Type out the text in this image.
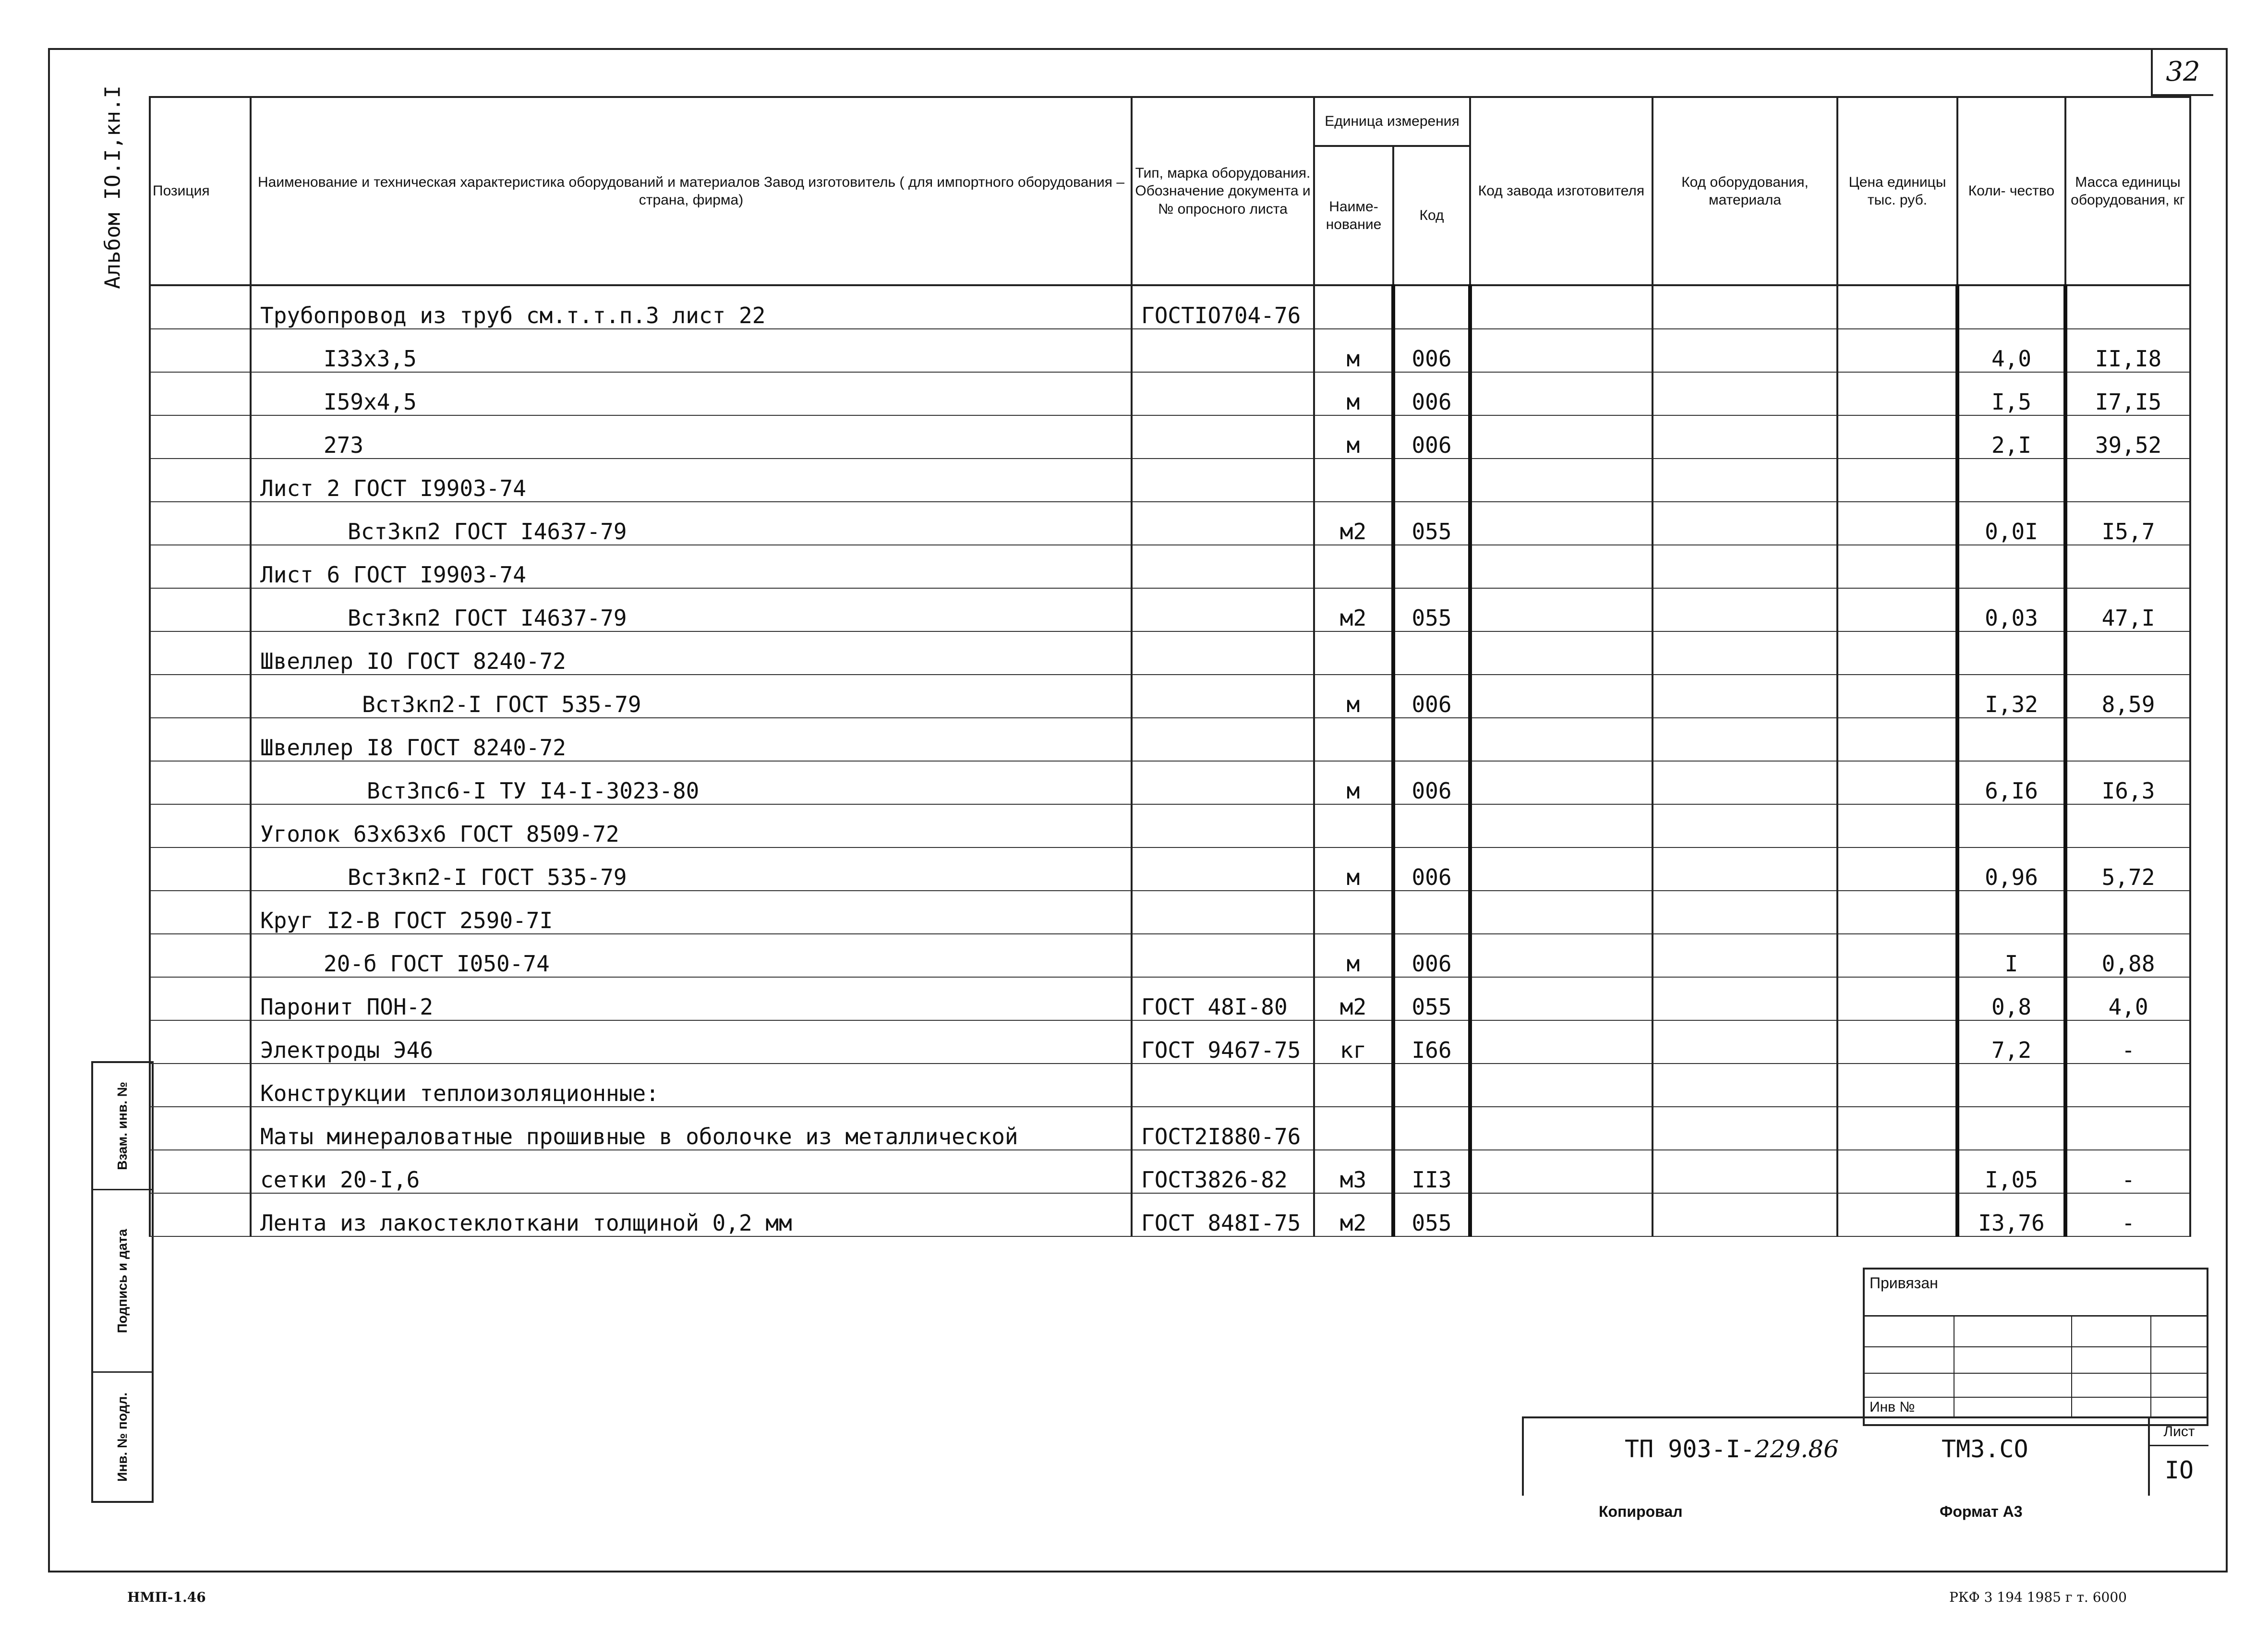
32
Альбом IO.I,кн.I
Взам. инв. №
Подпись и дата
Инв. № подл.
Позиция	Наименование и техническая характеристика оборудований и материалов Завод изготовитель ( для импортного оборудования – страна, фирма)	Тип, марка оборудования. Обозначение документа и № опросного листа	Единица измерения		Код завода изготовителя	Код оборудования, материала	Цена единицы тыс. руб.	Коли- чество	Масса единицы оборудования, кг
			Наиме- нование	Код					
	Трубопровод из труб см.т.т.п.3 лист 22	ГОСТIO704-76							
	I33x3,5		м	006				4,0	II,I8
	I59x4,5		м	006				I,5	I7,I5
	273		м	006				2,I	39,52
	Лист 2 ГОСТ I9903-74								
	Вст3кп2 ГОСТ I4637-79		м2	055				0,0I	I5,7
	Лист 6 ГОСТ I9903-74								
	Вст3кп2 ГОСТ I4637-79		м2	055				0,03	47,I
	Швеллер IO ГОСТ 8240-72								
	Вст3кп2-I ГОСТ 535-79		м	006				I,32	8,59
	Швеллер I8 ГОСТ 8240-72								
	Вст3пс6-I ТУ I4-I-3023-80		м	006				6,I6	I6,3
	Уголок 63x63x6 ГОСТ 8509-72								
	Вст3кп2-I ГОСТ 535-79		м	006				0,96	5,72
	Круг I2-В ГОСТ 2590-7I								
	20-б ГОСТ I050-74		м	006				I	0,88
	Паронит ПОН-2	ГОСТ 48I-80	м2	055				0,8	4,0
	Электроды Э46	ГОСТ 9467-75	кг	I66				7,2	-
	Конструкции теплоизоляционные:								
	Маты минераловатные прошивные в оболочке из металлической	ГОСТ2I880-76							
	сетки 20-I,6	ГОСТ3826-82	м3	II3				I,05	-
	Лента из лакостеклоткани толщиной 0,2 мм	ГОСТ 848I-75	м2	055				I3,76	-
Привязан
Инв №
ТП 903-I-229.86	ТМ3.СО
Лист
IO
Копировал	Формат А3
НМП-1.46	РКФ 3 194 1985 г т. 6000
